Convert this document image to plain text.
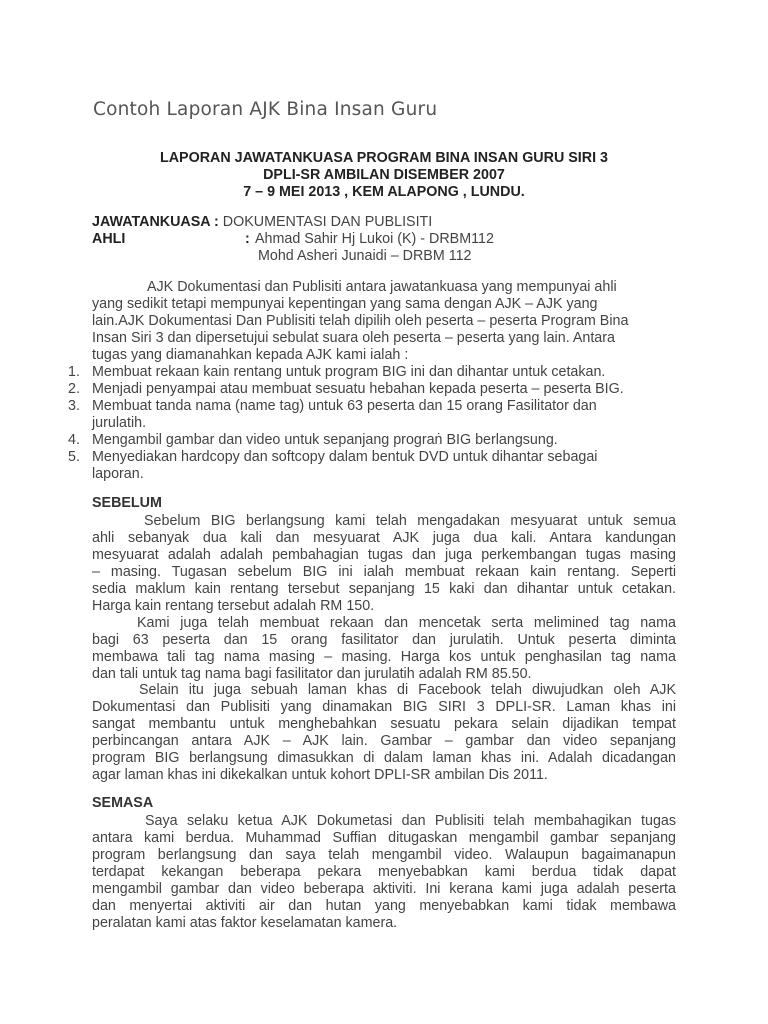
Contoh Laporan AJK Bina Insan Guru
LAPORAN JAWATANKUASA PROGRAM BINA INSAN GURU SIRI 3
DPLI-SR AMBILAN DISEMBER 2007
7 – 9 MEI 2013 , KEM ALAPONG , LUNDU.
JAWATANKUASA : DOKUMENTASI DAN PUBLISITI
AHLI	: Ahmad Sahir Hj Lukoi (K) - DRBM112
Mohd Asheri Junaidi – DRBM 112
AJK Dokumentasi dan Publisiti antara jawatankuasa yang mempunyai ahli
yang sedikit tetapi mempunyai kepentingan yang sama dengan AJK – AJK yang
lain.AJK Dokumentasi Dan Publisiti telah dipilih oleh peserta – peserta Program Bina
Insan Siri 3 dan dipersetujui sebulat suara oleh peserta – peserta yang lain. Antara
tugas yang diamanahkan kepada AJK kami ialah :
1. Membuat rekaan kain rentang untuk program BIG ini dan dihantar untuk cetakan.
2. Menjadi penyampai atau membuat sesuatu hebahan kepada peserta – peserta BIG.
3. Membuat tanda nama (name tag) untuk 63 peserta dan 15 orang Fasilitator dan
jurulatih.
4. Mengambil gambar dan video untuk sepanjang prograṅ BIG berlangsung.
5. Menyediakan hardcopy dan softcopy dalam bentuk DVD untuk dihantar sebagai
laporan.
SEBELUM
Sebelum BIG berlangsung kami telah mengadakan mesyuarat untuk semua
ahli sebanyak dua kali dan mesyuarat AJK juga dua kali. Antara kandungan
mesyuarat adalah adalah pembahagian tugas dan juga perkembangan tugas masing
– masing. Tugasan sebelum BIG ini ialah membuat rekaan kain rentang. Seperti
sedia maklum kain rentang tersebut sepanjang 15 kaki dan dihantar untuk cetakan.
Harga kain rentang tersebut adalah RM 150.
Kami juga telah membuat rekaan dan mencetak serta melimined tag nama
bagi 63 peserta dan 15 orang fasilitator dan jurulatih. Untuk peserta diminta
membawa tali tag nama masing – masing. Harga kos untuk penghasilan tag nama
dan tali untuk tag nama bagi fasilitator dan jurulatih adalah RM 85.50.
Selain itu juga sebuah laman khas di Facebook telah diwujudkan oleh AJK
Dokumentasi dan Publisiti yang dinamakan BIG SIRI 3 DPLI-SR. Laman khas ini
sangat membantu untuk menghebahkan sesuatu pekara selain dijadikan tempat
perbincangan antara AJK – AJK lain. Gambar – gambar dan video sepanjang
program BIG berlangsung dimasukkan di dalam laman khas ini. Adalah dicadangan
agar laman khas ini dikekalkan untuk kohort DPLI-SR ambilan Dis 2011.
SEMASA
Saya selaku ketua AJK Dokumetasi dan Publisiti telah membahagikan tugas
antara kami berdua. Muhammad Suffian ditugaskan mengambil gambar sepanjang
program berlangsung dan saya telah mengambil video. Walaupun bagaimanapun
terdapat kekangan beberapa pekara menyebabkan kami berdua tidak dapat
mengambil gambar dan video beberapa aktiviti. Ini kerana kami juga adalah peserta
dan menyertai aktiviti air dan hutan yang menyebabkan kami tidak membawa
peralatan kami atas faktor keselamatan kamera.
